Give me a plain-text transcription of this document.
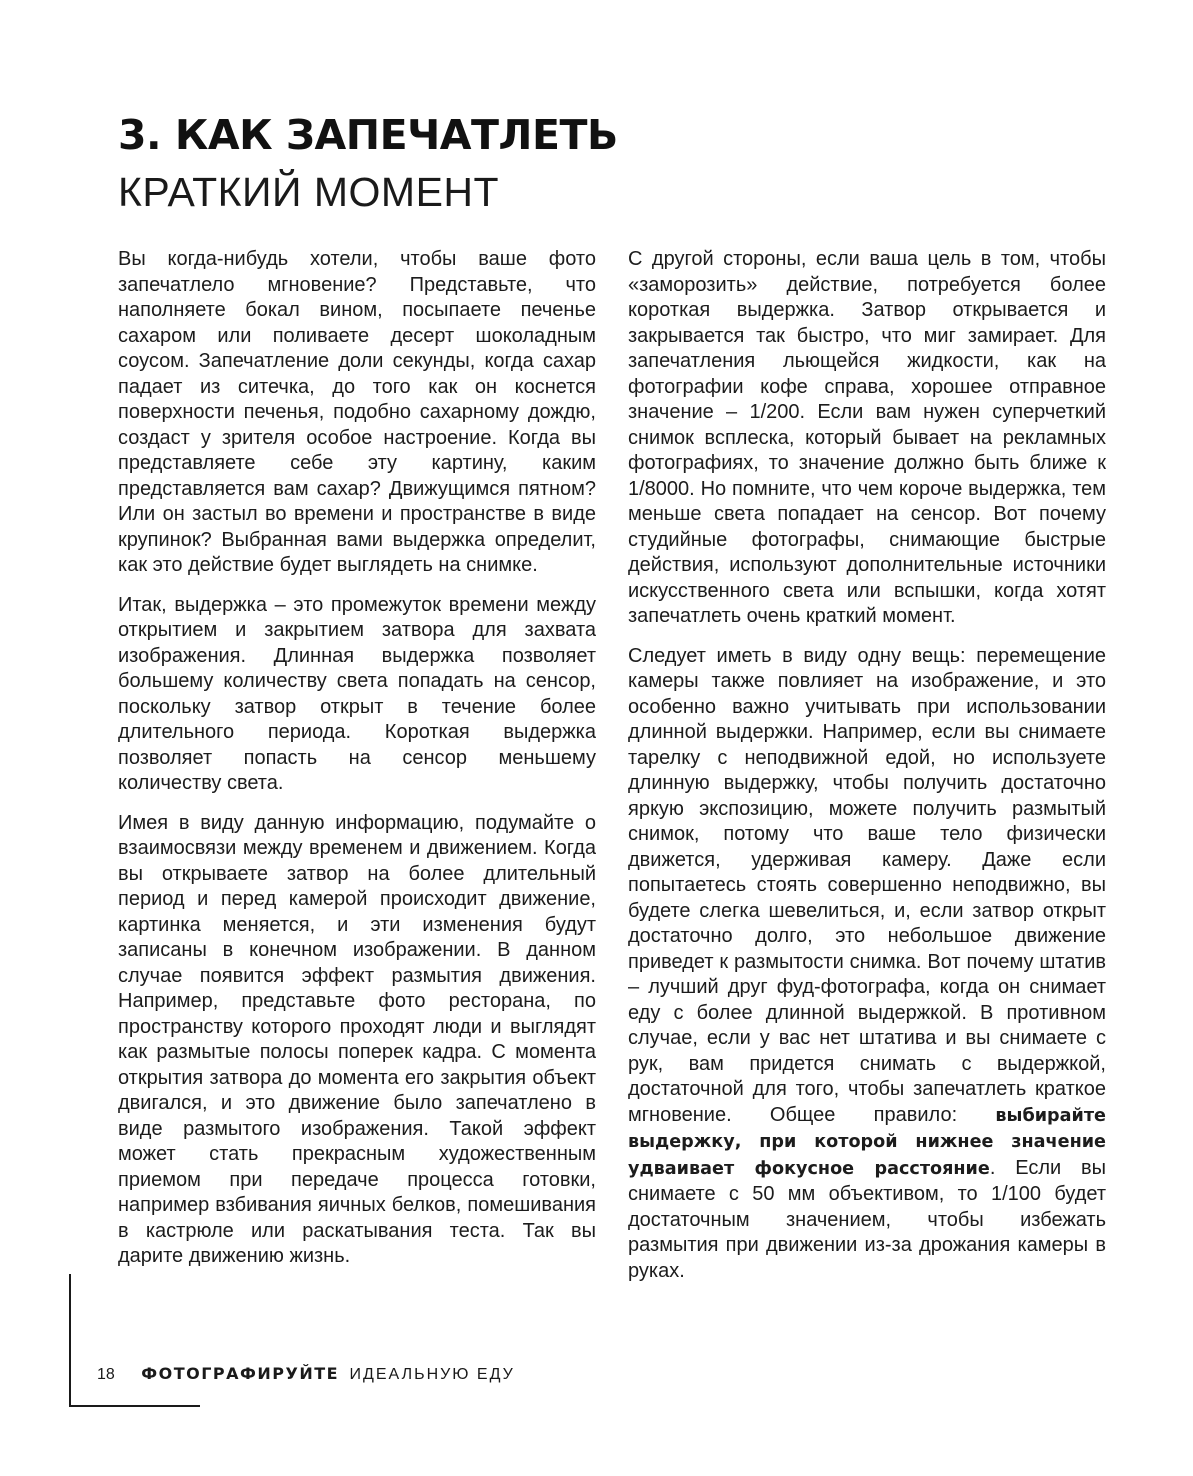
3. КАК ЗАПЕЧАТЛЕТЬ
КРАТКИЙ МОМЕНТ

Вы когда-нибудь хотели, чтобы ваше фото запечатлело мгновение? Представьте, что наполняете бокал вином, посыпаете печенье сахаром или поливаете десерт шоколадным соусом. Запечатление доли секунды, когда сахар падает из ситечка, до того как он коснется поверхности печенья, подобно сахарному дождю, создаст у зрителя особое настроение. Когда вы представляете себе эту картину, каким представляется вам сахар? Движущимся пятном? Или он застыл во времени и пространстве в виде крупинок? Выбранная вами выдержка определит, как это действие будет выглядеть на снимке.

Итак, выдержка – это промежуток времени между открытием и закрытием затвора для захвата изображения. Длинная выдержка позволяет большему количеству света попадать на сенсор, поскольку затвор открыт в течение более длительного периода. Короткая выдержка позволяет попасть на сенсор меньшему количеству света.

Имея в виду данную информацию, подумайте о взаимосвязи между временем и движением. Когда вы открываете затвор на более длительный период и перед камерой происходит движение, картинка меняется, и эти изменения будут записаны в конечном изображении. В данном случае появится эффект размытия движения. Например, представьте фото ресторана, по пространству которого проходят люди и выглядят как размытые полосы поперек кадра. С момента открытия затвора до момента его закрытия объект двигался, и это движение было запечатлено в виде размытого изображения. Такой эффект может стать прекрасным художественным приемом при передаче процесса готовки, например взбивания яичных белков, помешивания в кастрюле или раскатывания теста. Так вы дарите движению жизнь.

С другой стороны, если ваша цель в том, чтобы «заморозить» действие, потребуется более короткая выдержка. Затвор открывается и закрывается так быстро, что миг замирает. Для запечатления льющейся жидкости, как на фотографии кофе справа, хорошее отправное значение – 1/200. Если вам нужен суперчеткий снимок всплеска, который бывает на рекламных фотографиях, то значение должно быть ближе к 1/8000. Но помните, что чем короче выдержка, тем меньше света попадает на сенсор. Вот почему студийные фотографы, снимающие быстрые действия, используют дополнительные источники искусственного света или вспышки, когда хотят запечатлеть очень краткий момент.

Следует иметь в виду одну вещь: перемещение камеры также повлияет на изображение, и это особенно важно учитывать при использовании длинной выдержки. Например, если вы снимаете тарелку с неподвижной едой, но используете длинную выдержку, чтобы получить достаточно яркую экспозицию, можете получить размытый снимок, потому что ваше тело физически движется, удерживая камеру. Даже если попытаетесь стоять совершенно неподвижно, вы будете слегка шевелиться, и, если затвор открыт достаточно долго, это небольшое движение приведет к размытости снимка. Вот почему штатив – лучший друг фуд-фотографа, когда он снимает еду с более длинной выдержкой. В противном случае, если у вас нет штатива и вы снимаете с рук, вам придется снимать с выдержкой, достаточной для того, чтобы запечатлеть краткое мгновение. Общее правило: выбирайте выдержку, при которой нижнее значение удваивает фокусное расстояние. Если вы снимаете с 50 мм объективом, то 1/100 будет достаточным значением, чтобы избежать размытия при движении из-за дрожания камеры в руках.

18 ФОТОГРАФИРУЙТЕ ИДЕАЛЬНУЮ ЕДУ
